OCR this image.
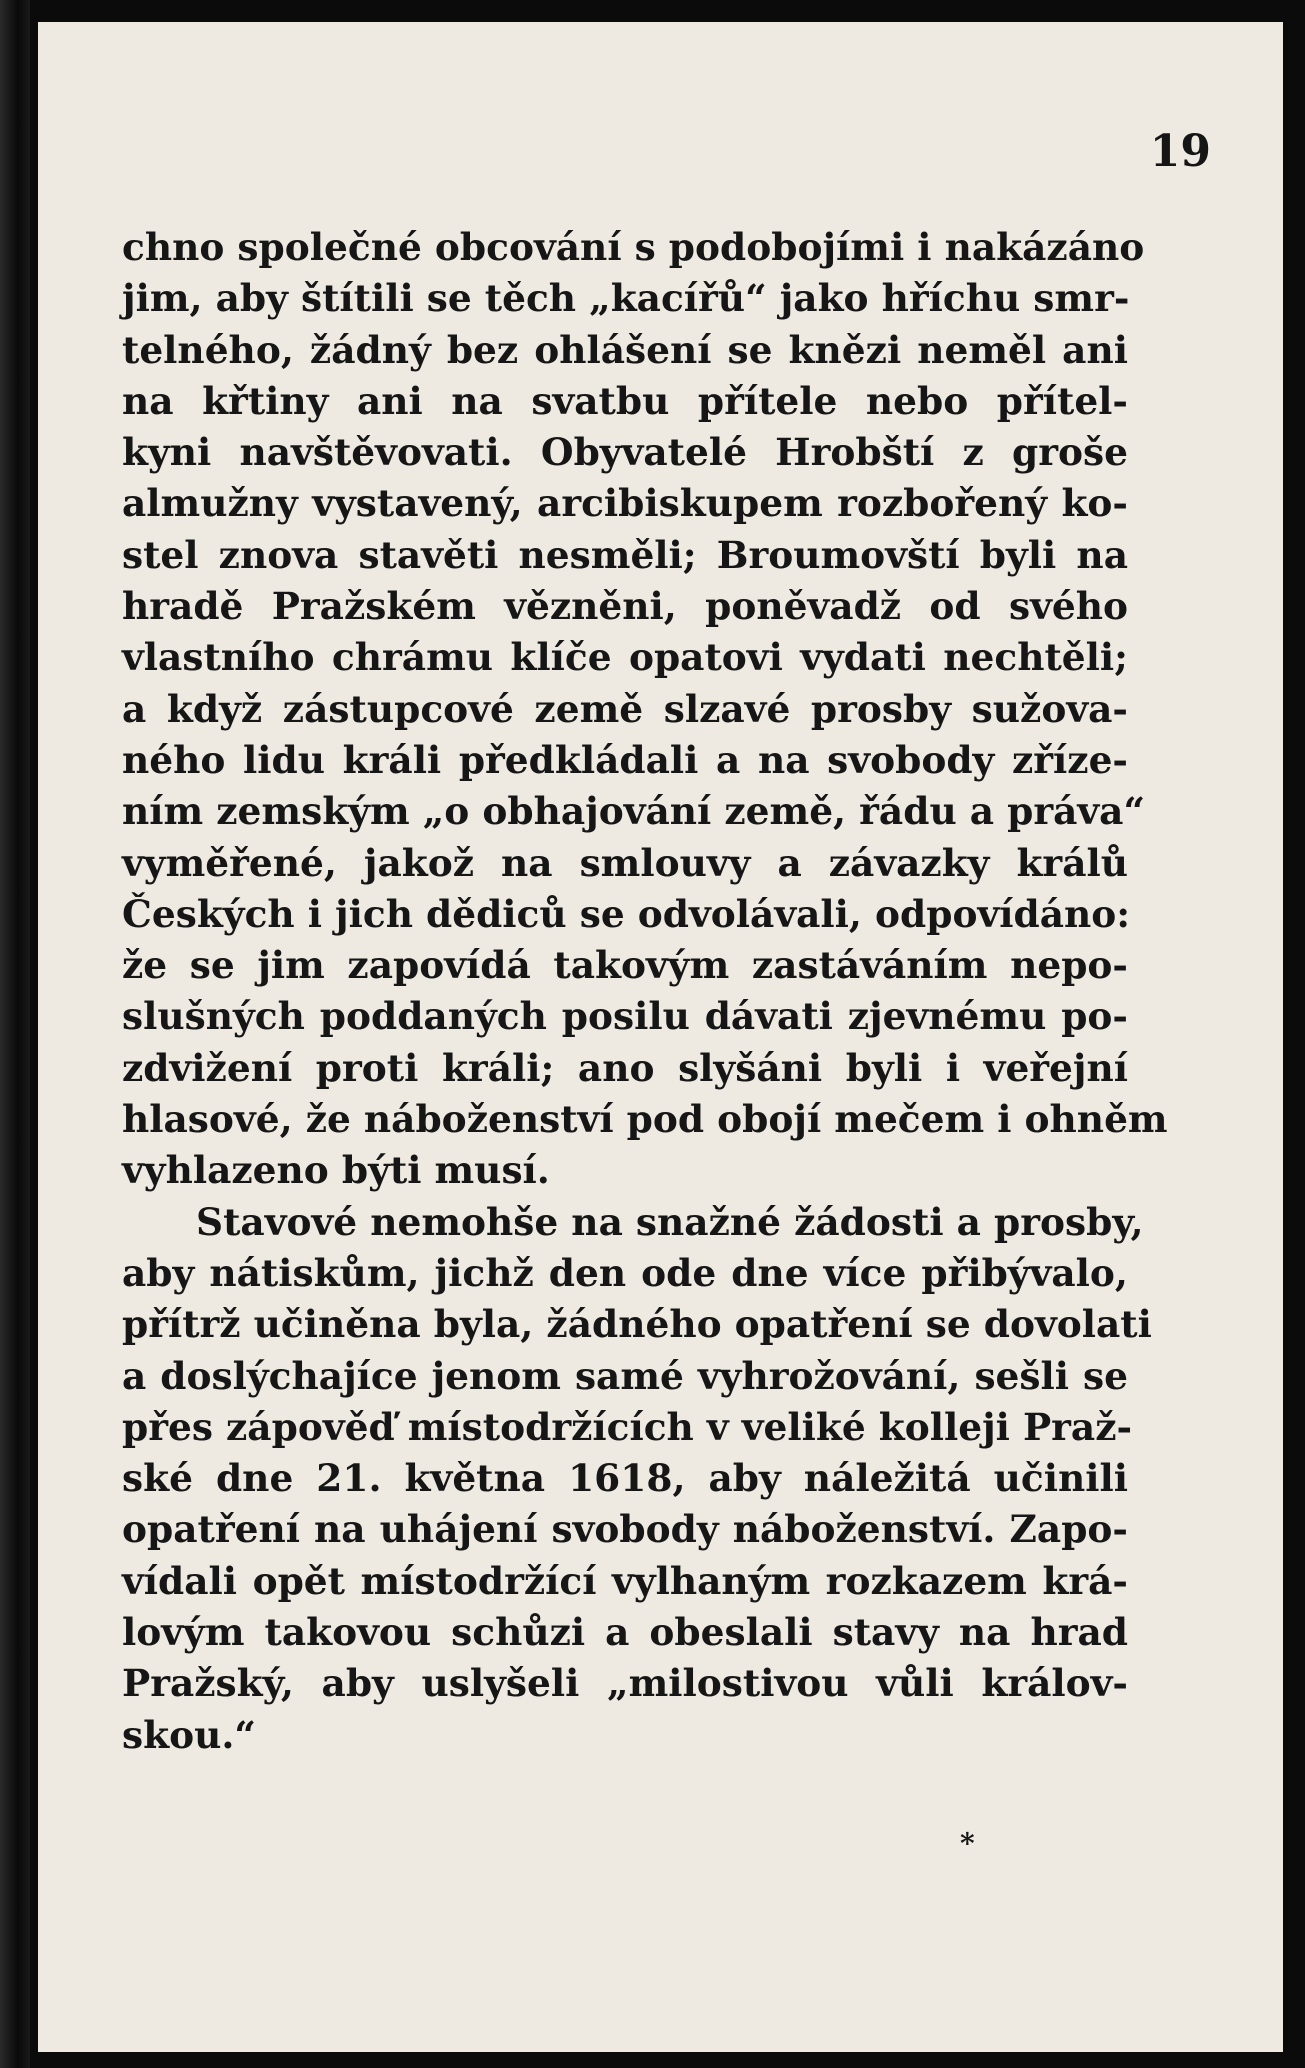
19

chno společné obcování s podobojími i nakázáno
jim, aby štítili se těch „kacířů“ jako hříchu smr-
telného, žádný bez ohlášení se knězi neměl ani
na křtiny ani na svatbu přítele nebo přítel-
kyni navštěvovati. Obyvatelé Hrobští z groše
almužny vystavený, arcibiskupem rozbořený ko-
stel znova stavěti nesměli; Broumovští byli na
hradě Pražském vězněni, poněvadž od svého
vlastního chrámu klíče opatovi vydati nechtěli;
a když zástupcové země slzavé prosby sužova-
ného lidu králi předkládali a na svobody zříze-
ním zemským „o obhajování země, řádu a práva“
vyměřené, jakož na smlouvy a závazky králů
Českých i jich dědiců se odvolávali, odpovídáno:
že se jim zapovídá takovým zastáváním nepo-
slušných poddaných posilu dávati zjevnému po-
zdvižení proti králi; ano slyšáni byli i veřejní
hlasové, že náboženství pod obojí mečem i ohněm
vyhlazeno býti musí.
Stavové nemohše na snažné žádosti a prosby,
aby nátiskům, jichž den ode dne více přibývalo,
přítrž učiněna byla, žádného opatření se dovolati
a doslýchajíce jenom samé vyhrožování, sešli se
přes zápověď místodržících v veliké kolleji Praž-
ské dne 21. května 1618, aby náležitá učinili
opatření na uhájení svobody náboženství. Zapo-
vídali opět místodržící vylhaným rozkazem krá-
lovým takovou schůzi a obeslali stavy na hrad
Pražský, aby uslyšeli „milostivou vůli králov-
skou.“
*
